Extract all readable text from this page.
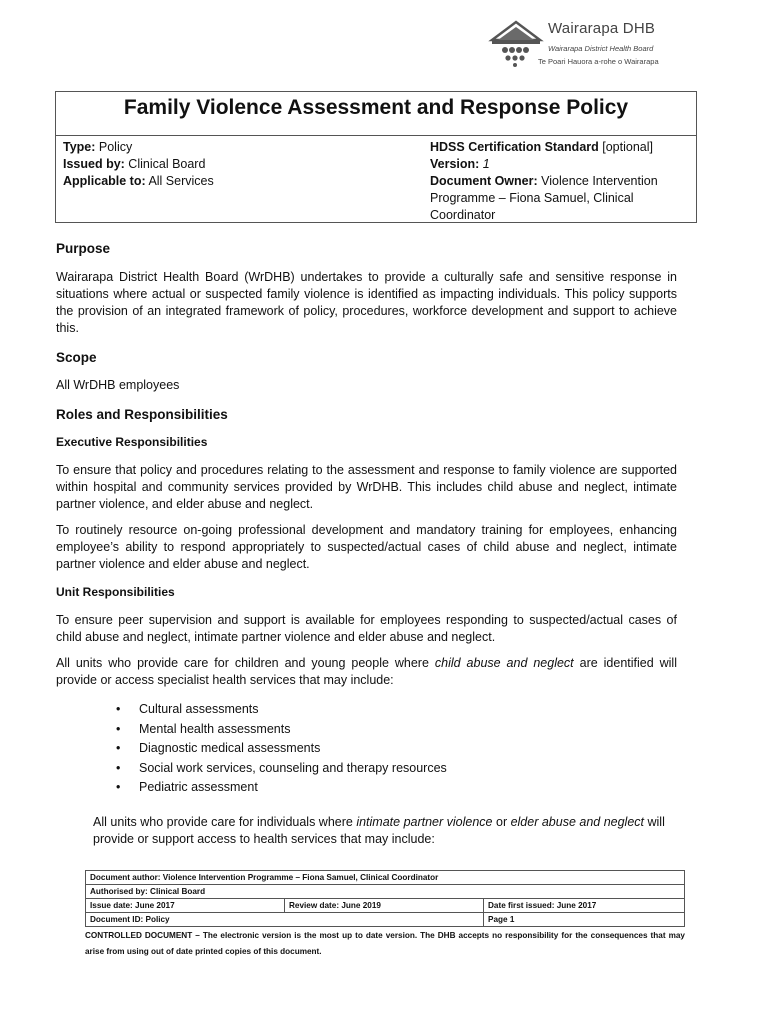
Wairarapa DHB
Wairarapa District Health Board
Te Poari Hauora a-rohe o Wairarapa
Family Violence Assessment and Response Policy
Type: Policy
Issued by: Clinical Board
Applicable to: All Services
HDSS Certification Standard [optional]
Version: 1
Document Owner: Violence Intervention Programme – Fiona Samuel, Clinical Coordinator
Purpose

Wairarapa District Health Board (WrDHB) undertakes to provide a culturally safe and sensitive response in situations where actual or suspected family violence is identified as impacting individuals. This policy supports the provision of an integrated framework of policy, procedures, workforce development and support to achieve this.

Scope

All WrDHB employees

Roles and Responsibilities
Executive Responsibilities

To ensure that policy and procedures relating to the assessment and response to family violence are supported within hospital and community services provided by WrDHB. This includes child abuse and neglect, intimate partner violence, and elder abuse and neglect.

To routinely resource on-going professional development and mandatory training for employees, enhancing employee’s ability to respond appropriately to suspected/actual cases of child abuse and neglect, intimate partner violence and elder abuse and neglect.

Unit Responsibilities

To ensure peer supervision and support is available for employees responding to suspected/actual cases of child abuse and neglect, intimate partner violence and elder abuse and neglect.

All units who provide care for children and young people where child abuse and neglect are identified will provide or access specialist health services that may include:

• Cultural assessments
• Mental health assessments
• Diagnostic medical assessments
• Social work services, counseling and therapy resources
• Pediatric assessment

All units who provide care for individuals where intimate partner violence or elder abuse and neglect will provide or support access to health services that may include:

Document author: Violence Intervention Programme – Fiona Samuel, Clinical Coordinator		
Authorised by: Clinical Board		
Issue date: June 2017	Review date: June 2019	Date first issued: June 2017
Document ID: Policy		Page 1
CONTROLLED DOCUMENT – The electronic version is the most up to date version. The DHB accepts no responsibility for the consequences that may arise from using out of date printed copies of this document.
